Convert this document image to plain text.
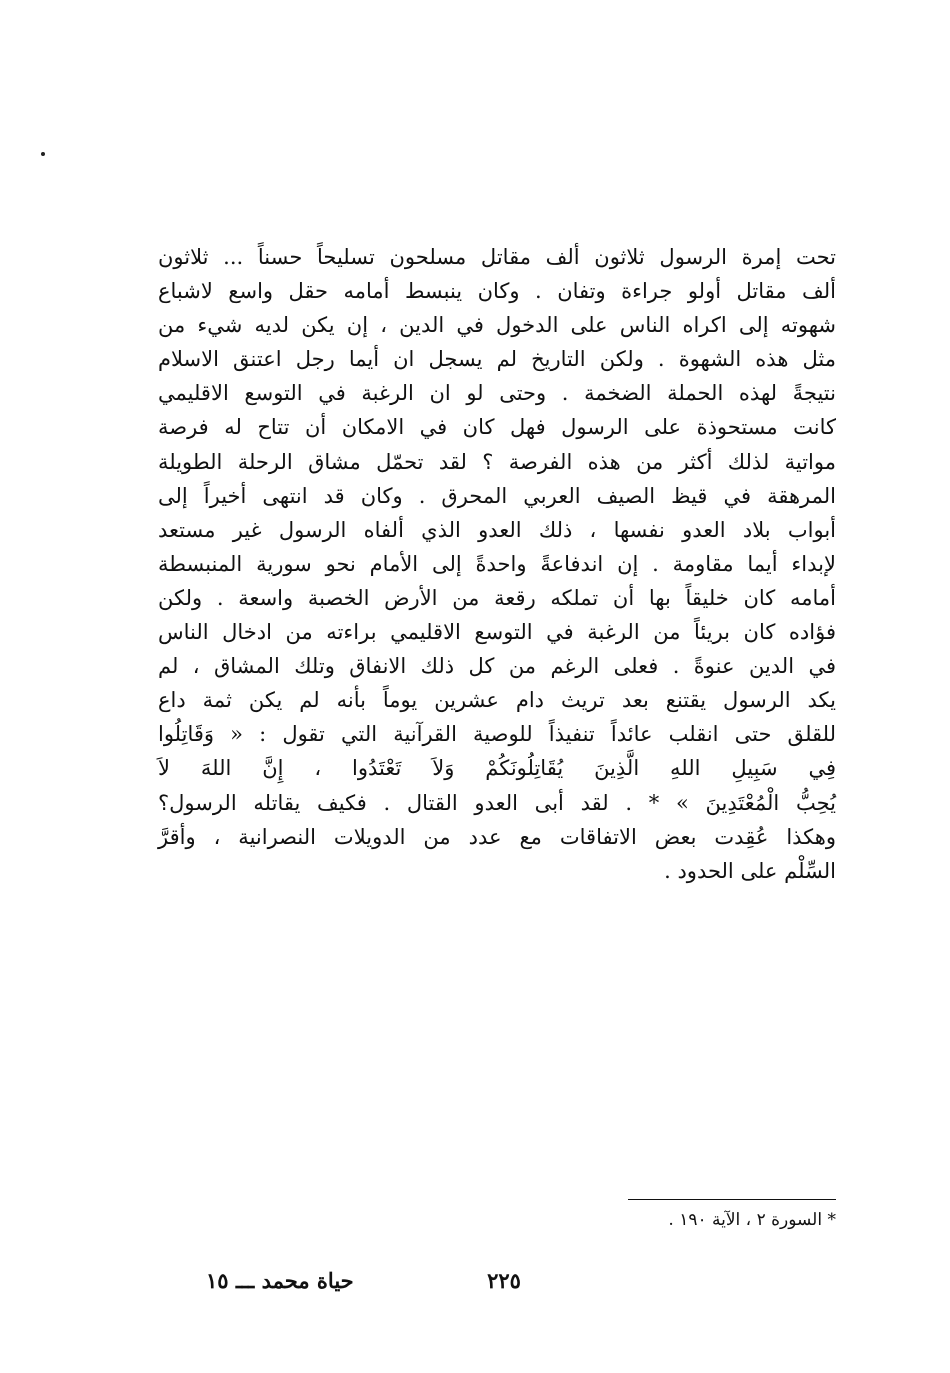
تحت إمرة الرسول ثلاثون ألف مقاتل مسلحون تسليحاً حسناً ... ثلاثون
ألف مقاتل أولو جراءة وتفان . وكان ينبسط أمامه حقل واسع لاشباع
شهوته إلى اكراه الناس على الدخول في الدين ، إن يكن لديه شيء من
مثل هذه الشهوة . ولكن التاريخ لم يسجل ان أيما رجل اعتنق الاسلام
نتيجةً لهذه الحملة الضخمة . وحتى لو ان الرغبة في التوسع الاقليمي
كانت مستحوذة على الرسول فهل كان في الامكان أن تتاح له فرصة
مواتية لذلك أكثر من هذه الفرصة ؟ لقد تحمّل مشاق الرحلة الطويلة
المرهقة في قيظ الصيف العربي المحرق . وكان قد انتهى أخيراً إلى
أبواب بلاد العدو نفسها ، ذلك العدو الذي ألفاه الرسول غير مستعد
لإبداء أيما مقاومة . إن اندفاعةً واحدةً إلى الأمام نحو سورية المنبسطة
أمامه كان خليقاً بها أن تملكه رقعة من الأرض الخصبة واسعة . ولكن
فؤاده كان بريئاً من الرغبة في التوسع الاقليمي براءته من ادخال الناس
في الدين عنوةً . فعلى الرغم من كل ذلك الانفاق وتلك المشاق ، لم
يكد الرسول يقتنع بعد تريث دام عشرين يوماً بأنه لم يكن ثمة داع
للقلق حتى انقلب عائداً تنفيذاً للوصية القرآنية التي تقول : « وَقَاتِلُوا
فِي سَبِيلِ اللهِ الَّذِينَ يُقَاتِلُونَكُمْ وَلاَ تَعْتَدُوا ، إِنَّ اللهَ لاَ
يُحِبُّ الْمُعْتَدِينَ » * . لقد أبى العدو القتال . فكيف يقاتله الرسول؟
وهكذا عُقِدت بعض الاتفاقات مع عدد من الدويلات النصرانية ، وأقرَّ
السِّلْم على الحدود .
* السورة ٢ ، الآية ١٩٠ .
٢٢٥
حياة محمد ـــ ١٥
